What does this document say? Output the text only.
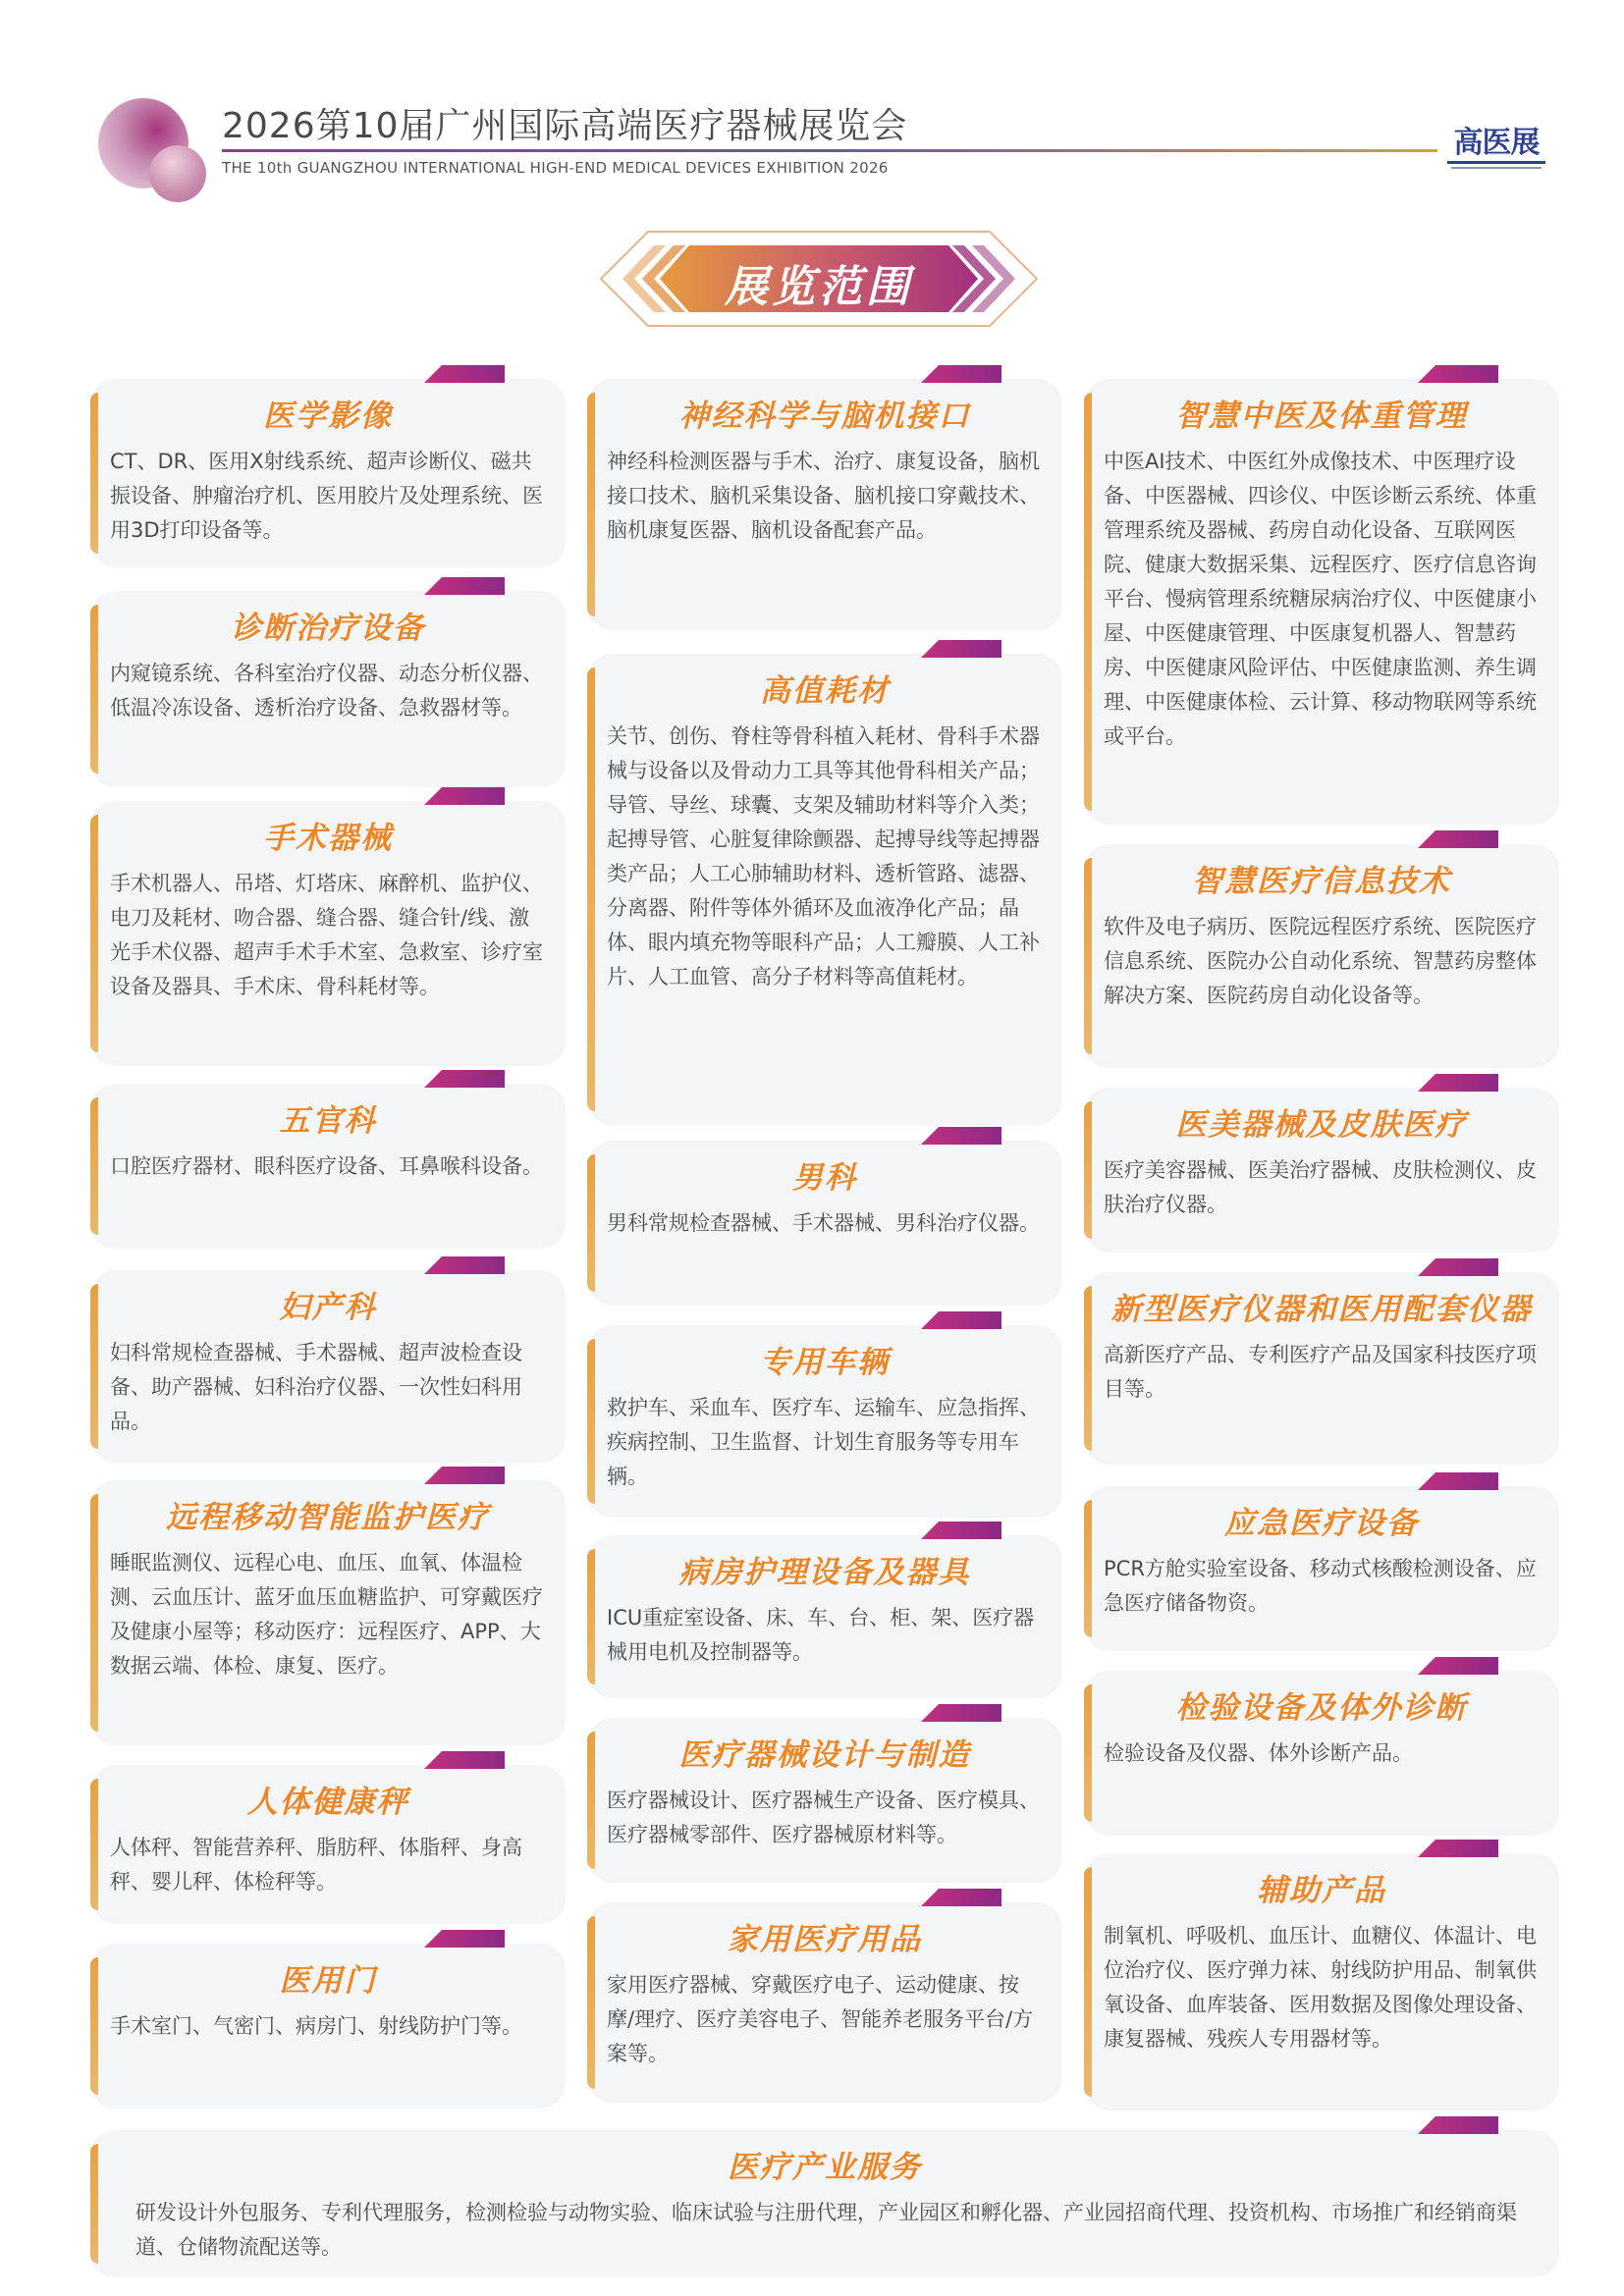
2026第10届广州国际高端医疗器械展览会
THE 10th GUANGZHOU INTERNATIONAL HIGH-END MEDICAL DEVICES EXHIBITION 2026
高医展
展览范围
医学影像
CT、DR、医用X射线系统、超声诊断仪、磁共振设备、肿瘤治疗机、医用胶片及处理系统、医用3D打印设备等。
诊断治疗设备
内窥镜系统、各科室治疗仪器、动态分析仪器、低温冷冻设备、透析治疗设备、急救器材等。
手术器械
手术机器人、吊塔、灯塔床、麻醉机、监护仪、电刀及耗材、吻合器、缝合器、缝合针/线、激光手术仪器、超声手术手术室、急救室、诊疗室设备及器具、手术床、骨科耗材等。
五官科
口腔医疗器材、眼科医疗设备、耳鼻喉科设备。
妇产科
妇科常规检查器械、手术器械、超声波检查设备、助产器械、妇科治疗仪器、一次性妇科用品。
远程移动智能监护医疗
睡眠监测仪、远程心电、血压、血氧、体温检测、云血压计、蓝牙血压血糖监护、可穿戴医疗及健康小屋等；移动医疗：远程医疗、APP、大数据云端、体检、康复、医疗。
人体健康秤
人体秤、智能营养秤、脂肪秤、体脂秤、身高秤、婴儿秤、体检秤等。
医用门
手术室门、气密门、病房门、射线防护门等。
神经科学与脑机接口
神经科检测医器与手术、治疗、康复设备，脑机接口技术、脑机采集设备、脑机接口穿戴技术、脑机康复医器、脑机设备配套产品。
高值耗材
关节、创伤、脊柱等骨科植入耗材、骨科手术器械与设备以及骨动力工具等其他骨科相关产品；导管、导丝、球囊、支架及辅助材料等介入类；起搏导管、心脏复律除颤器、起搏导线等起搏器类产品；人工心肺辅助材料、透析管路、滤器、分离器、附件等体外循环及血液净化产品；晶体、眼内填充物等眼科产品；人工瓣膜、人工补片、人工血管、高分子材料等高值耗材。
男科
男科常规检查器械、手术器械、男科治疗仪器。
专用车辆
救护车、采血车、医疗车、运输车、应急指挥、疾病控制、卫生监督、计划生育服务等专用车辆。
病房护理设备及器具
ICU重症室设备、床、车、台、柜、架、医疗器械用电机及控制器等。
医疗器械设计与制造
医疗器械设计、医疗器械生产设备、医疗模具、医疗器械零部件、医疗器械原材料等。
家用医疗用品
家用医疗器械、穿戴医疗电子、运动健康、按摩/理疗、医疗美容电子、智能养老服务平台/方案等。
智慧中医及体重管理
中医AI技术、中医红外成像技术、中医理疗设备、中医器械、四诊仪、中医诊断云系统、体重管理系统及器械、药房自动化设备、互联网医院、健康大数据采集、远程医疗、医疗信息咨询平台、慢病管理系统糖尿病治疗仪、中医健康小屋、中医健康管理、中医康复机器人、智慧药房、中医健康风险评估、中医健康监测、养生调理、中医健康体检、云计算、移动物联网等系统或平台。
智慧医疗信息技术
软件及电子病历、医院远程医疗系统、医院医疗信息系统、医院办公自动化系统、智慧药房整体解决方案、医院药房自动化设备等。
医美器械及皮肤医疗
医疗美容器械、医美治疗器械、皮肤检测仪、皮肤治疗仪器。
新型医疗仪器和医用配套仪器
高新医疗产品、专利医疗产品及国家科技医疗项目等。
应急医疗设备
PCR方舱实验室设备、移动式核酸检测设备、应急医疗储备物资。
检验设备及体外诊断
检验设备及仪器、体外诊断产品。
辅助产品
制氧机、呼吸机、血压计、血糖仪、体温计、电位治疗仪、医疗弹力袜、射线防护用品、制氧供氧设备、血库装备、医用数据及图像处理设备、康复器械、残疾人专用器材等。
医疗产业服务
研发设计外包服务、专利代理服务，检测检验与动物实验、临床试验与注册代理，产业园区和孵化器、产业园招商代理、投资机构、市场推广和经销商渠道、仓储物流配送等。
